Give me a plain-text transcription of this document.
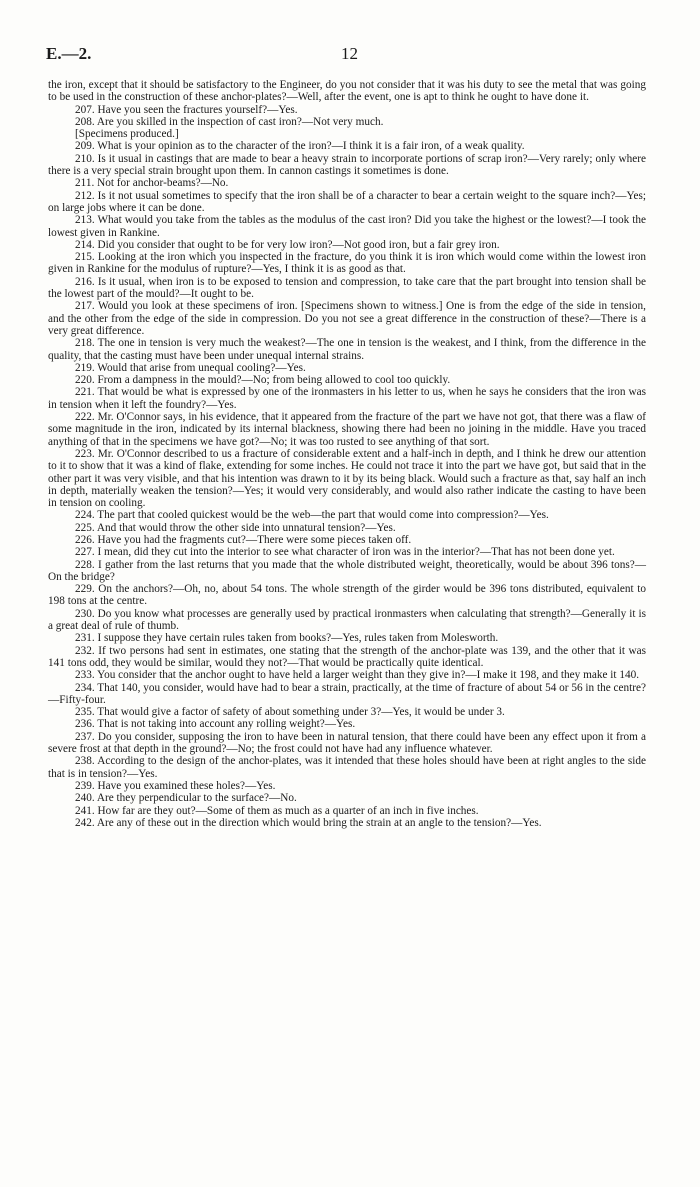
E.—2.	12

the iron, except that it should be satisfactory to the Engineer, do you not consider that it was his duty to see the metal that was going to be used in the construction of these anchor-plates?—Well, after the event, one is apt to think he ought to have done it.

207. Have you seen the fractures yourself?—Yes.

208. Are you skilled in the inspection of cast iron?—Not very much.

[Specimens produced.]

209. What is your opinion as to the character of the iron?—I think it is a fair iron, of a weak quality.

210. Is it usual in castings that are made to bear a heavy strain to incorporate portions of scrap iron?—Very rarely; only where there is a very special strain brought upon them. In cannon castings it sometimes is done.

211. Not for anchor-beams?—No.

212. Is it not usual sometimes to specify that the iron shall be of a character to bear a certain weight to the square inch?—Yes; on large jobs where it can be done.

213. What would you take from the tables as the modulus of the cast iron? Did you take the highest or the lowest?—I took the lowest given in Rankine.

214. Did you consider that ought to be for very low iron?—Not good iron, but a fair grey iron.

215. Looking at the iron which you inspected in the fracture, do you think it is iron which would come within the lowest iron given in Rankine for the modulus of rupture?—Yes, I think it is as good as that.

216. Is it usual, when iron is to be exposed to tension and compression, to take care that the part brought into tension shall be the lowest part of the mould?—It ought to be.

217. Would you look at these specimens of iron. [Specimens shown to witness.] One is from the edge of the side in tension, and the other from the edge of the side in compression. Do you not see a great difference in the construction of these?—There is a very great difference.

218. The one in tension is very much the weakest?—The one in tension is the weakest, and I think, from the difference in the quality, that the casting must have been under unequal internal strains.

219. Would that arise from unequal cooling?—Yes.

220. From a dampness in the mould?—No; from being allowed to cool too quickly.

221. That would be what is expressed by one of the ironmasters in his letter to us, when he says he considers that the iron was in tension when it left the foundry?—Yes.

222. Mr. O'Connor says, in his evidence, that it appeared from the fracture of the part we have not got, that there was a flaw of some magnitude in the iron, indicated by its internal blackness, showing there had been no joining in the middle. Have you traced anything of that in the specimens we have got?—No; it was too rusted to see anything of that sort.

223. Mr. O'Connor described to us a fracture of considerable extent and a half-inch in depth, and I think he drew our attention to it to show that it was a kind of flake, extending for some inches. He could not trace it into the part we have got, but said that in the other part it was very visible, and that his intention was drawn to it by its being black. Would such a fracture as that, say half an inch in depth, materially weaken the tension?—Yes; it would very considerably, and would also rather indicate the casting to have been in tension on cooling.

224. The part that cooled quickest would be the web—the part that would come into compression?—Yes.

225. And that would throw the other side into unnatural tension?—Yes.

226. Have you had the fragments cut?—There were some pieces taken off.

227. I mean, did they cut into the interior to see what character of iron was in the interior?—That has not been done yet.

228. I gather from the last returns that you made that the whole distributed weight, theoretically, would be about 396 tons?—On the bridge?

229. On the anchors?—Oh, no, about 54 tons. The whole strength of the girder would be 396 tons distributed, equivalent to 198 tons at the centre.

230. Do you know what processes are generally used by practical ironmasters when calculating that strength?—Generally it is a great deal of rule of thumb.

231. I suppose they have certain rules taken from books?—Yes, rules taken from Molesworth.

232. If two persons had sent in estimates, one stating that the strength of the anchor-plate was 139, and the other that it was 141 tons odd, they would be similar, would they not?—That would be practically quite identical.

233. You consider that the anchor ought to have held a larger weight than they give in?—I make it 198, and they make it 140.

234. That 140, you consider, would have had to bear a strain, practically, at the time of fracture of about 54 or 56 in the centre?—Fifty-four.

235. That would give a factor of safety of about something under 3?—Yes, it would be under 3.

236. That is not taking into account any rolling weight?—Yes.

237. Do you consider, supposing the iron to have been in natural tension, that there could have been any effect upon it from a severe frost at that depth in the ground?—No; the frost could not have had any influence whatever.

238. According to the design of the anchor-plates, was it intended that these holes should have been at right angles to the side that is in tension?—Yes.

239. Have you examined these holes?—Yes.

240. Are they perpendicular to the surface?—No.

241. How far are they out?—Some of them as much as a quarter of an inch in five inches.

242. Are any of these out in the direction which would bring the strain at an angle to the tension?—Yes.
